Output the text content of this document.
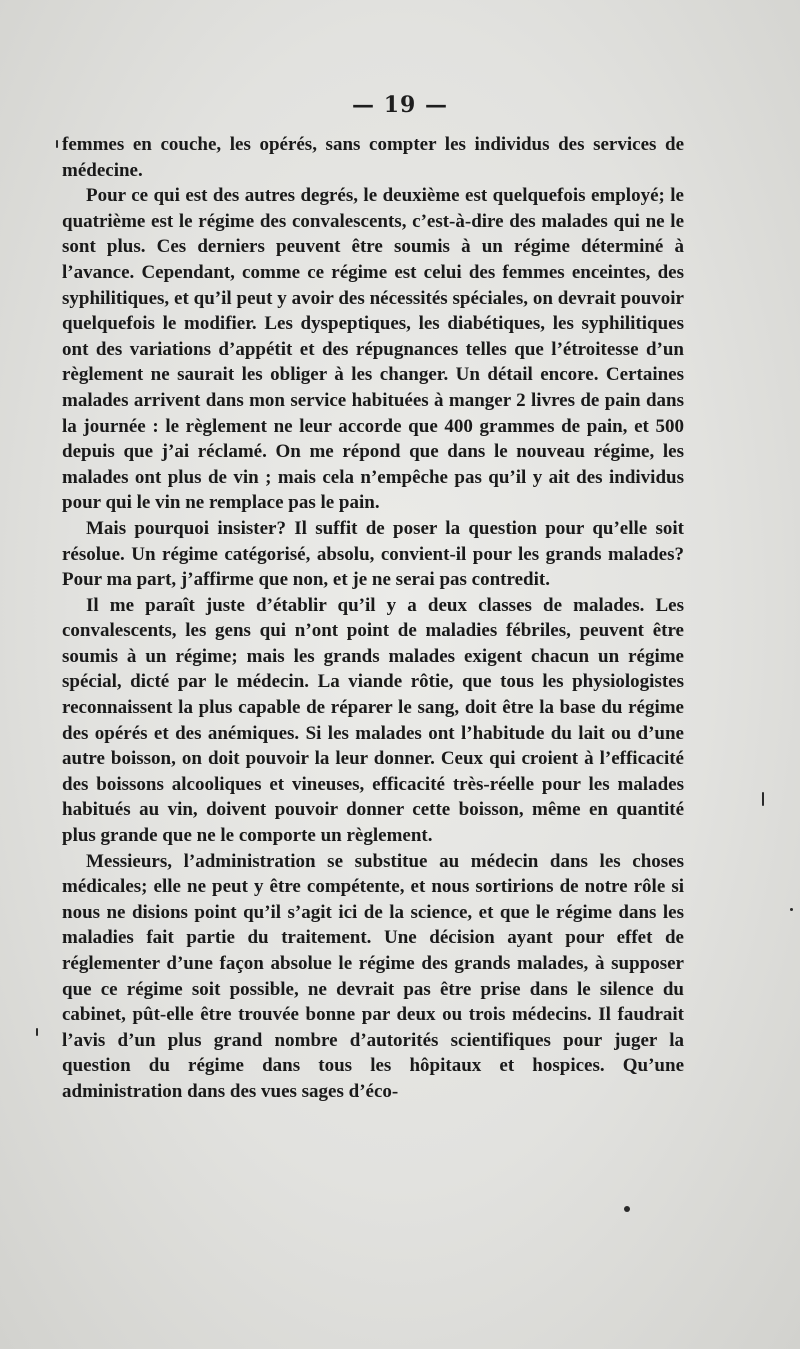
— 19 —

femmes en couche, les opérés, sans compter les individus des services de médecine.

Pour ce qui est des autres degrés, le deuxième est quelquefois employé; le quatrième est le régime des convalescents, c’est-à-dire des malades qui ne le sont plus. Ces derniers peuvent être soumis à un régime déterminé à l’avance. Cependant, comme ce régime est celui des femmes enceintes, des syphilitiques, et qu’il peut y avoir des nécessités spéciales, on devrait pouvoir quelquefois le modifier. Les dyspeptiques, les diabétiques, les syphilitiques ont des variations d’appétit et des répugnances telles que l’étroitesse d’un règlement ne saurait les obliger à les changer. Un détail encore. Certaines malades arrivent dans mon service habituées à manger 2 livres de pain dans la journée : le règlement ne leur accorde que 400 grammes de pain, et 500 depuis que j’ai réclamé. On me répond que dans le nouveau régime, les malades ont plus de vin ; mais cela n’empêche pas qu’il y ait des individus pour qui le vin ne remplace pas le pain.

Mais pourquoi insister? Il suffit de poser la question pour qu’elle soit résolue. Un régime catégorisé, absolu, convient-il pour les grands malades? Pour ma part, j’affirme que non, et je ne serai pas contredit.

Il me paraît juste d’établir qu’il y a deux classes de malades. Les convalescents, les gens qui n’ont point de maladies fébriles, peuvent être soumis à un régime; mais les grands malades exigent chacun un régime spécial, dicté par le médecin. La viande rôtie, que tous les physiologistes reconnaissent la plus capable de réparer le sang, doit être la base du régime des opérés et des anémiques. Si les malades ont l’habitude du lait ou d’une autre boisson, on doit pouvoir la leur donner. Ceux qui croient à l’efficacité des boissons alcooliques et vineuses, efficacité très-réelle pour les malades habitués au vin, doivent pouvoir donner cette boisson, même en quantité plus grande que ne le comporte un règlement.

Messieurs, l’administration se substitue au médecin dans les choses médicales; elle ne peut y être compétente, et nous sortirions de notre rôle si nous ne disions point qu’il s’agit ici de la science, et que le régime dans les maladies fait partie du traitement. Une décision ayant pour effet de réglementer d’une façon absolue le régime des grands malades, à supposer que ce régime soit possible, ne devrait pas être prise dans le silence du cabinet, pût-elle être trouvée bonne par deux ou trois médecins. Il faudrait l’avis d’un plus grand nombre d’autorités scientifiques pour juger la question du régime dans tous les hôpitaux et hospices. Qu’une administration dans des vues sages d’éco-
